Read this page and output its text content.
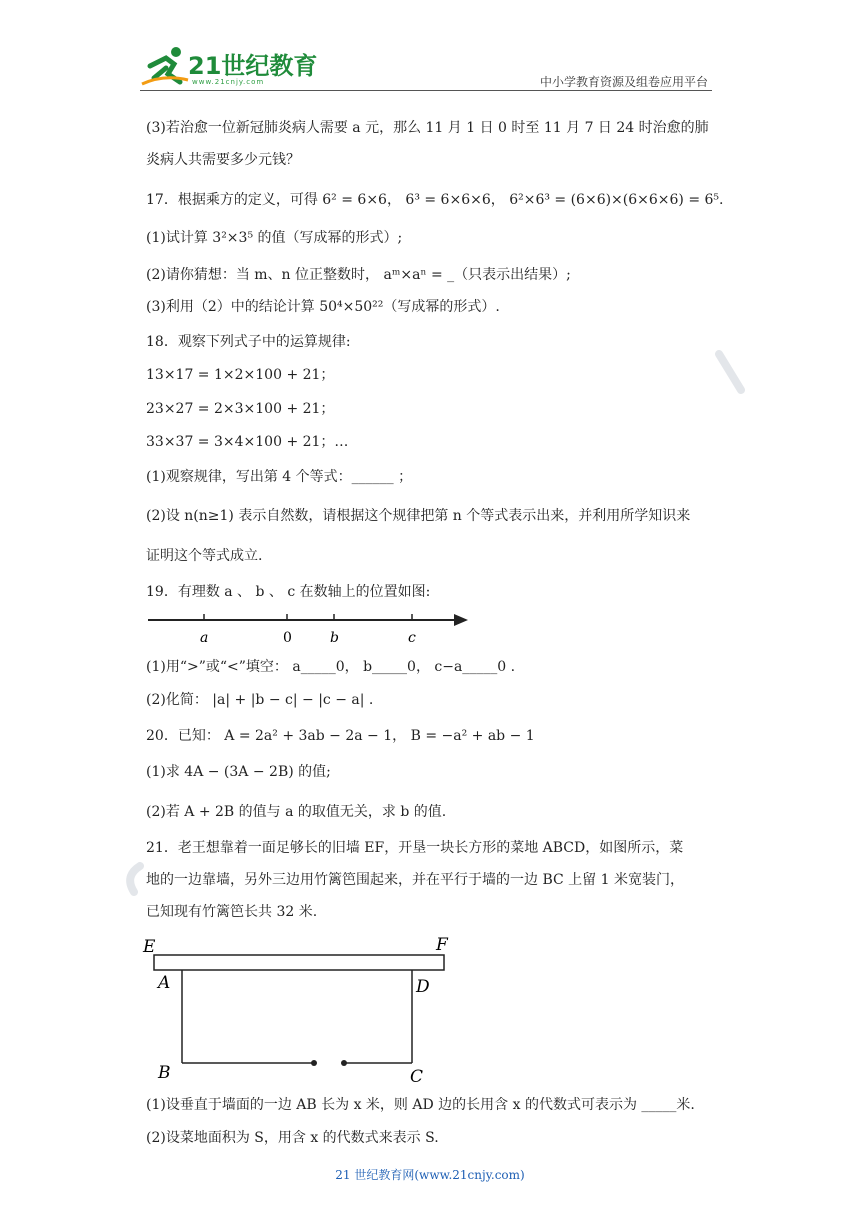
21世纪教育
www.21cnjy.com	中小学教育资源及组卷应用平台
(3)若治愈一位新冠肺炎病人需要 a 元，那么 11 月 1 日 0 时至 11 月 7 日 24 时治愈的肺
炎病人共需要多少元钱？
17．根据乘方的定义，可得 6² = 6×6， 6³ = 6×6×6， 6²×6³ = (6×6)×(6×6×6) = 6⁵.
(1)试计算 3²×3⁵ 的值（写成幂的形式）;
(2)请你猜想：当 m、n 位正整数时， aᵐ×aⁿ = _（只表示出结果）;
(3)利用（2）中的结论计算 50⁴×50²²（写成幂的形式）.
18．观察下列式子中的运算规律:
13×17 = 1×2×100 + 21；
23×27 = 2×3×100 + 21；
33×37 = 3×4×100 + 21；…
(1)观察规律，写出第 4 个等式：______ ；
(2)设 n(n≥1) 表示自然数，请根据这个规律把第 n 个等式表示出来，并利用所学知识来
证明这个等式成立.
19．有理数 a 、 b 、 c 在数轴上的位置如图:
a	0	b	c
(1)用“>”或“<”填空： a_____0， b_____0， c−a_____0 .
(2)化简： |a| + |b − c| − |c − a| .
20．已知： A = 2a² + 3ab − 2a − 1， B = −a² + ab − 1
(1)求 4A − (3A − 2B) 的值;
(2)若 A + 2B 的值与 a 的取值无关，求 b 的值.
21．老王想靠着一面足够长的旧墙 EF，开垦一块长方形的菜地 ABCD，如图所示，菜
地的一边靠墙，另外三边用竹篱笆围起来，并在平行于墙的一边 BC 上留 1 米宽装门，
已知现有竹篱笆长共 32 米.
E	F
A	D
B	C
(1)设垂直于墙面的一边 AB 长为 x 米，则 AD 边的长用含 x 的代数式可表示为 _____米.
(2)设菜地面积为 S，用含 x 的代数式来表示 S.
21 世纪教育网(www.21cnjy.com)
